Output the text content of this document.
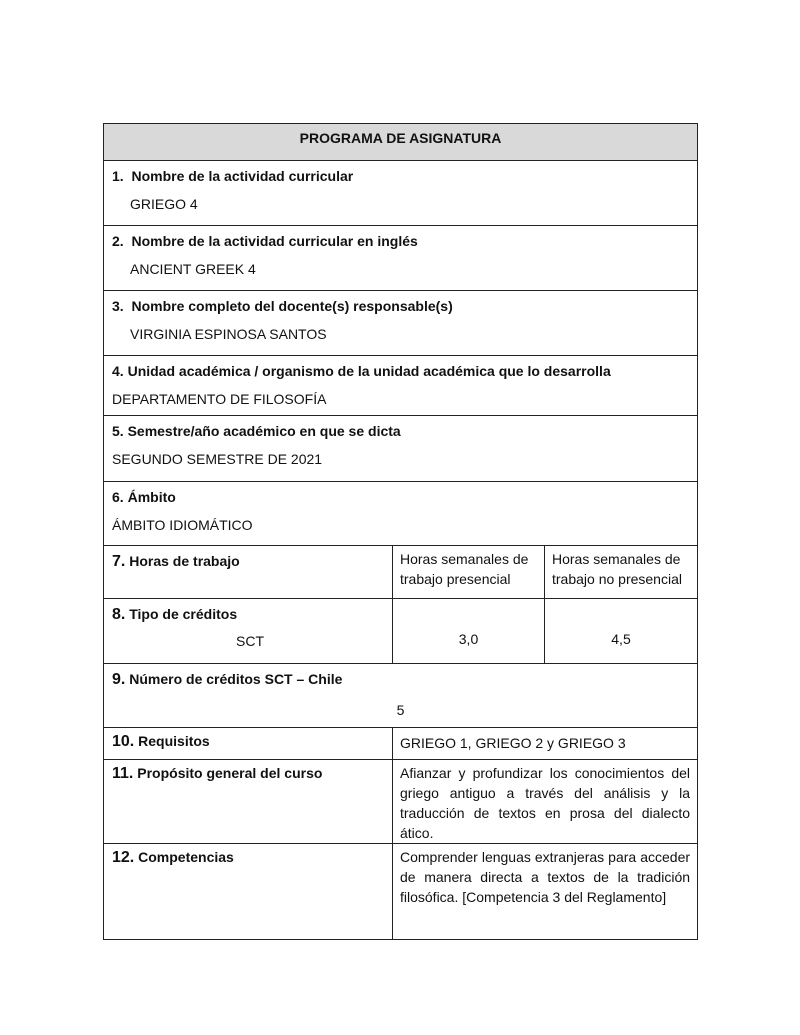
PROGRAMA DE ASIGNATURA		

1. Nombre de la actividad curricular
GRIEGO 4		

2. Nombre de la actividad curricular en inglés
ANCIENT GREEK 4		

3. Nombre completo del docente(s) responsable(s)
VIRGINIA ESPINOSA SANTOS		

4. Unidad académica / organismo de la unidad académica que lo desarrolla
DEPARTAMENTO DE FILOSOFÍA		

5. Semestre/año académico en que se dicta
SEGUNDO SEMESTRE DE 2021		

6. Ámbito
ÁMBITO IDIOMÁTICO		

7. Horas de trabajo	Horas semanales de trabajo presencial	Horas semanales de trabajo no presencial

8. Tipo de créditos
SCT	3,0	4,5

9. Número de créditos SCT – Chile
5		

10. Requisitos	GRIEGO 1, GRIEGO 2 y GRIEGO 3	

11. Propósito general del curso	Afianzar y profundizar los conocimientos del griego antiguo a través del análisis y la traducción de textos en prosa del dialecto ático.	

12. Competencias	Comprender lenguas extranjeras para acceder de manera directa a textos de la tradición filosófica. [Competencia 3 del Reglamento]	
